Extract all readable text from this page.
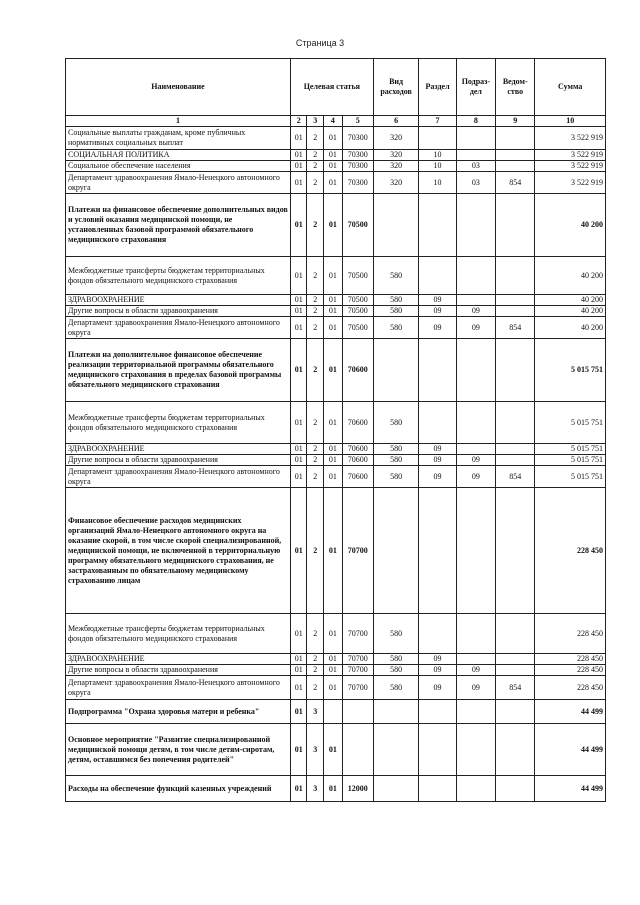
Страница 3
Наименование	Целевая статья				Вид расходов	Раздел	Подраз-дел	Ведом-ство	Сумма
1	2	3	4	5	6	7	8	9	10
Социальные выплаты гражданам, кроме публичных нормативных социальных выплат	01	2	01	70300	320				3 522 919
СОЦИАЛЬНАЯ ПОЛИТИКА	01	2	01	70300	320	10			3 522 919
Социальное обеспечение населения	01	2	01	70300	320	10	03		3 522 919
Департамент здравоохранения Ямало-Ненецкого автономного округа	01	2	01	70300	320	10	03	854	3 522 919
Платежи на финансовое обеспечение дополнительных видов и условий оказания медицинской помощи, не установленных базовой программой обязательного медицинского страхования	01	2	01	70500					40 200
Межбюджетные трансферты бюджетам территориальных фондов обязательного медицинского страхования	01	2	01	70500	580				40 200
ЗДРАВООХРАНЕНИЕ	01	2	01	70500	580	09			40 200
Другие вопросы в области здравоохранения	01	2	01	70500	580	09	09		40 200
Департамент здравоохранения Ямало-Ненецкого автономного округа	01	2	01	70500	580	09	09	854	40 200
Платежи на дополнительное финансовое обеспечение реализации территориальной программы обязательного медицинского страхования в пределах базовой программы обязательного медицинского страхования	01	2	01	70600					5 015 751
Межбюджетные трансферты бюджетам территориальных фондов обязательного медицинского страхования	01	2	01	70600	580				5 015 751
ЗДРАВООХРАНЕНИЕ	01	2	01	70600	580	09			5 015 751
Другие вопросы в области здравоохранения	01	2	01	70600	580	09	09		5 015 751
Департамент здравоохранения Ямало-Ненецкого автономного округа	01	2	01	70600	580	09	09	854	5 015 751
Финансовое обеспечение расходов медицинских организаций Ямало-Ненецкого автономного округа на оказание скорой, в том числе скорой специализированной, медицинской помощи, не включенной в территориальную программу обязательного медицинского страхования, не застрахованным по обязательному медицинскому страхованию лицам	01	2	01	70700					228 450
Межбюджетные трансферты бюджетам территориальных фондов обязательного медицинского страхования	01	2	01	70700	580				228 450
ЗДРАВООХРАНЕНИЕ	01	2	01	70700	580	09			228 450
Другие вопросы в области здравоохранения	01	2	01	70700	580	09	09		228 450
Департамент здравоохранения Ямало-Ненецкого автономного округа	01	2	01	70700	580	09	09	854	228 450
Подпрограмма "Охрана здоровья матери и ребенка"	01	3							44 499
Основное мероприятие "Развитие специализированной медицинской помощи детям, в том числе детям-сиротам, детям, оставшимся без попечения родителей"	01	3	01						44 499
Расходы на обеспечение функций казенных учреждений	01	3	01	12000					44 499
